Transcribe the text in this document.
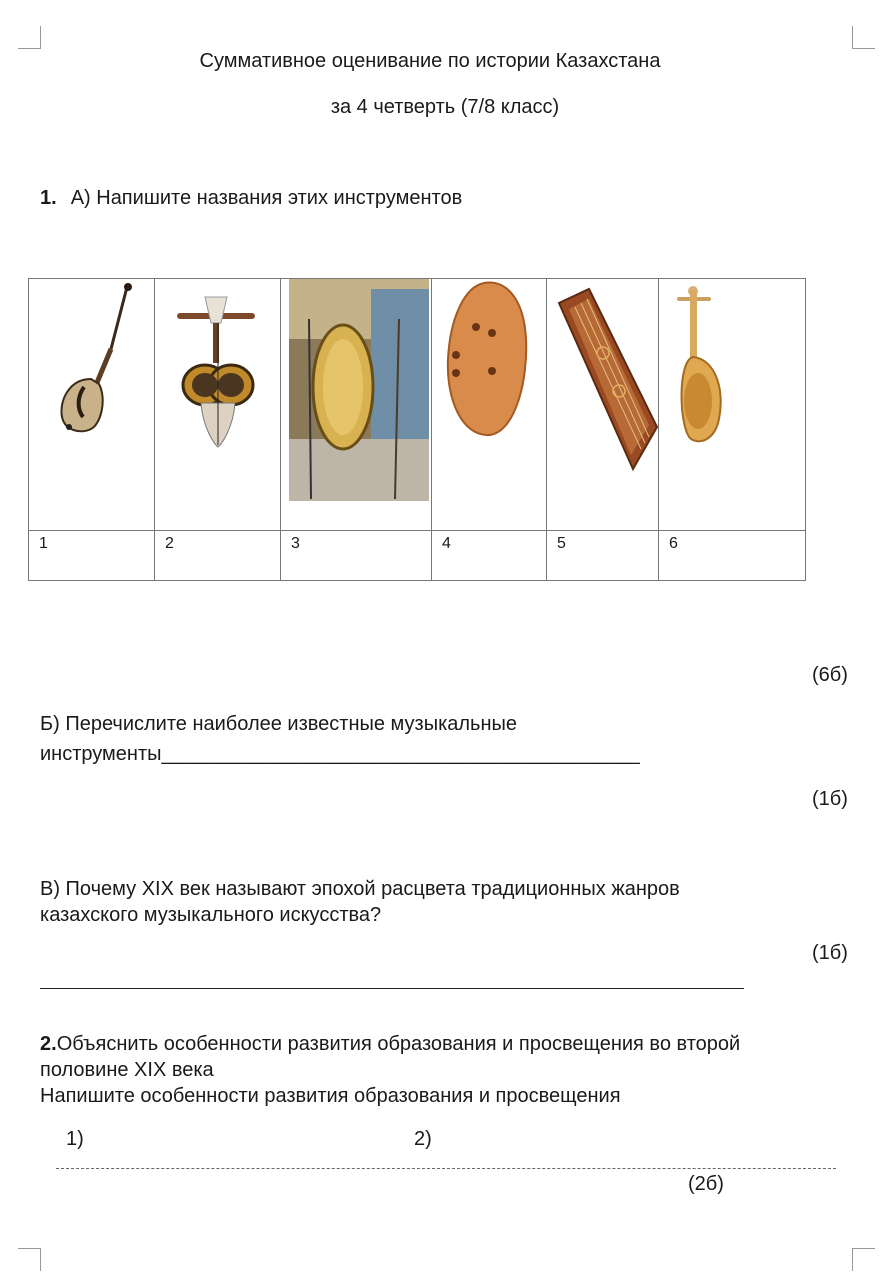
Суммативное оценивание по истории Казахстана
за 4 четверть (7/8 класс)
1. А) Напишите названия этих инструментов

1	2	3	4	5	6
(6б)
Б) Перечислите наиболее известные музыкальные
инструменты___________________________________________
(1б)
В) Почему XIX век называют эпохой расцвета традиционных жанров
казахского музыкального искусства?
(1б)
2.Объяснить особенности развития образования и просвещения во второй
половине XIX века
Напишите особенности развития образования и просвещения
1)	2)
(2б)
